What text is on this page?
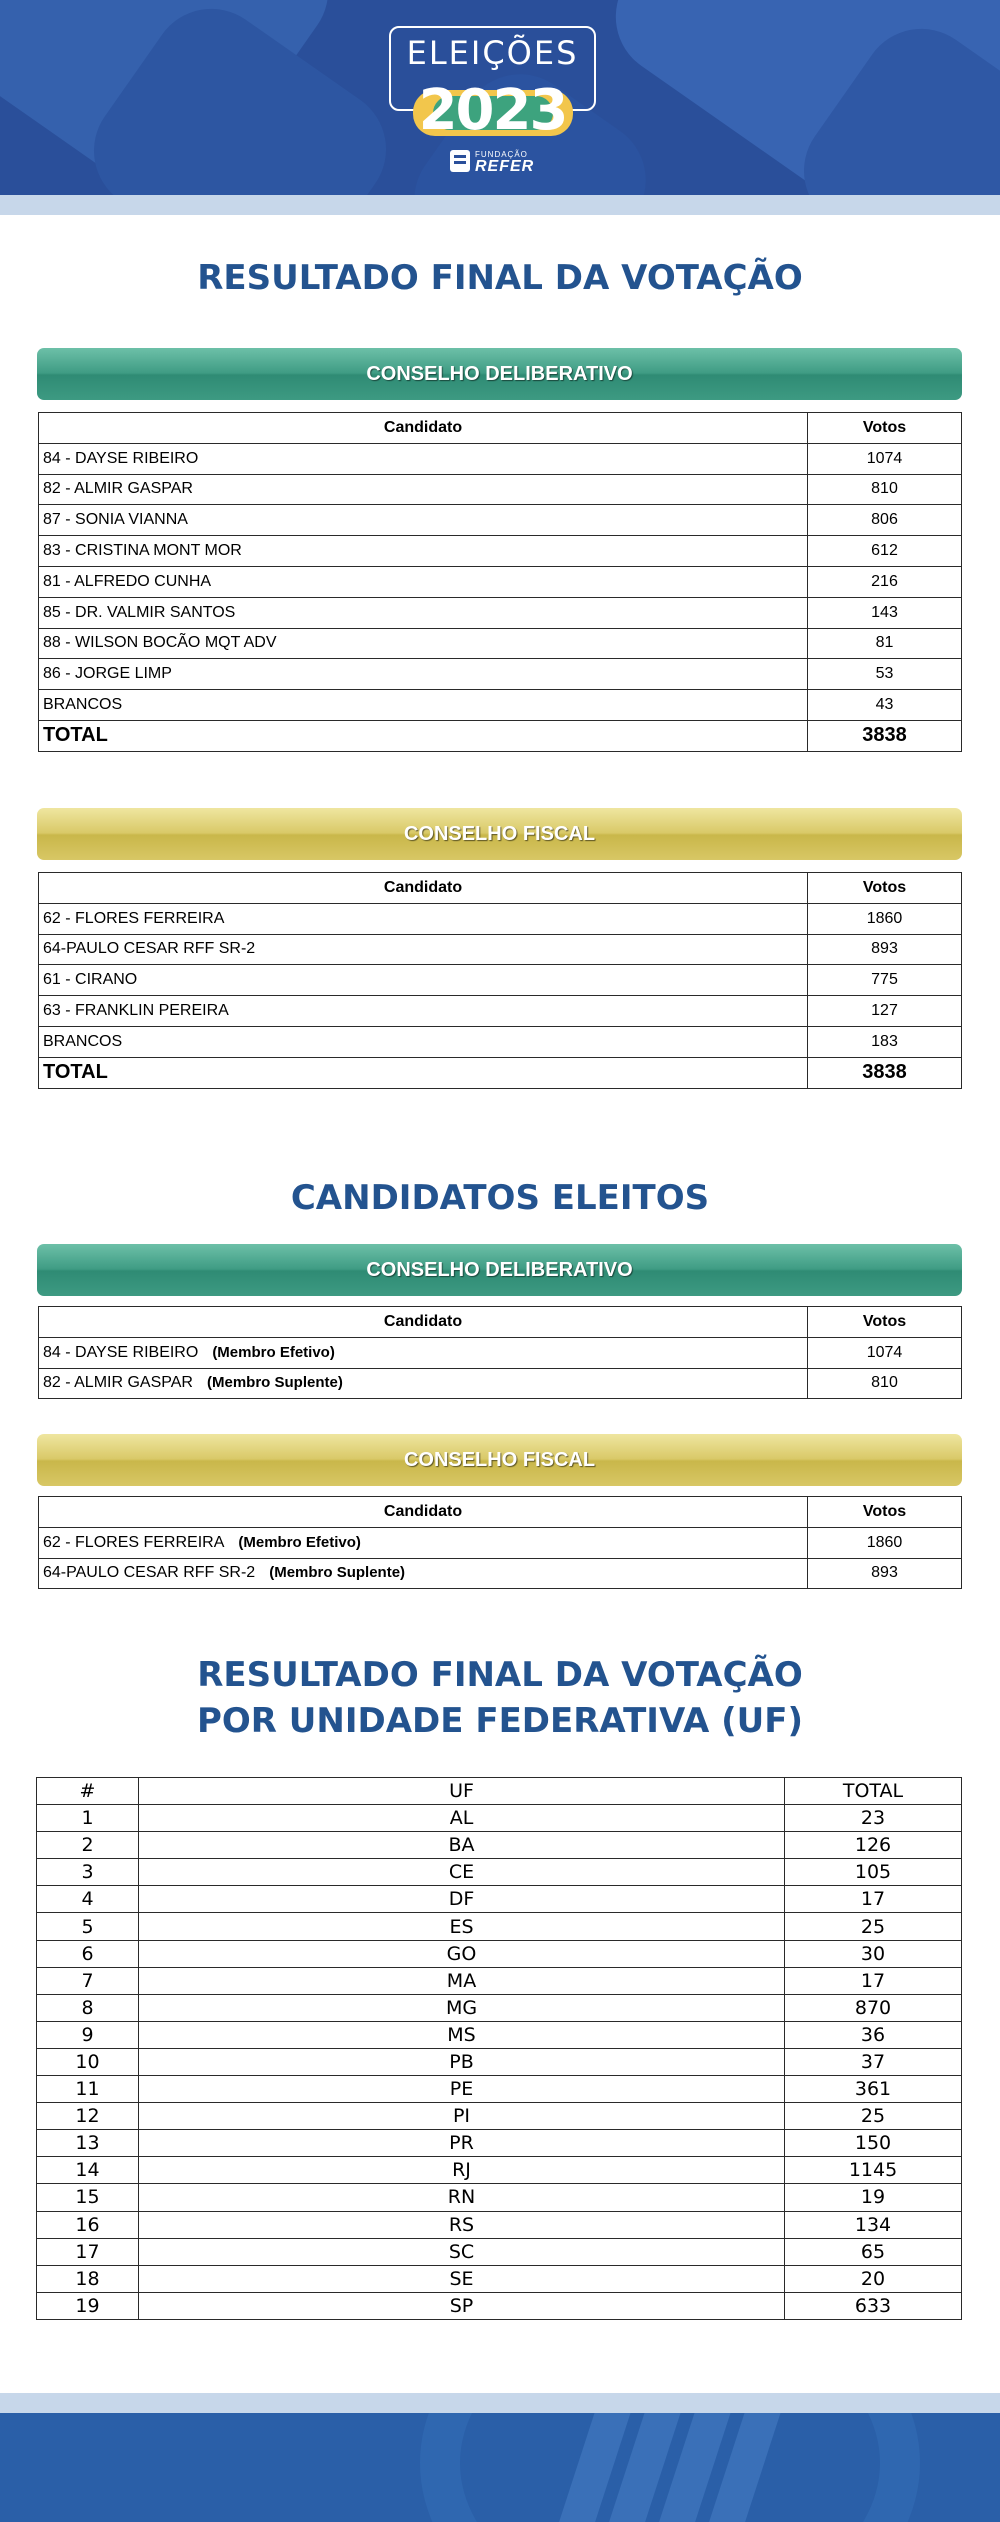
ELEIÇÕES
2023
FUNDAÇÃO
REFER
RESULTADO FINAL DA VOTAÇÃO
CONSELHO DELIBERATIVO
Candidato	Votos
84 - DAYSE RIBEIRO	1074
82 - ALMIR GASPAR	810
87 - SONIA VIANNA	806
83 - CRISTINA MONT MOR	612
81 - ALFREDO CUNHA	216
85 - DR. VALMIR SANTOS	143
88 - WILSON BOCÃO MQT ADV	81
86 - JORGE LIMP	53
BRANCOS	43
TOTAL	3838
CONSELHO FISCAL
Candidato	Votos
62 - FLORES FERREIRA	1860
64-PAULO CESAR RFF SR-2	893
61 - CIRANO	775
63 - FRANKLIN PEREIRA	127
BRANCOS	183
TOTAL	3838
CANDIDATOS ELEITOS
CONSELHO DELIBERATIVO
Candidato	Votos
84 - DAYSE RIBEIRO (Membro Efetivo)	1074
82 - ALMIR GASPAR (Membro Suplente)	810
CONSELHO FISCAL
Candidato	Votos
62 - FLORES FERREIRA (Membro Efetivo)	1860
64-PAULO CESAR RFF SR-2 (Membro Suplente)	893
RESULTADO FINAL DA VOTAÇÃO
POR UNIDADE FEDERATIVA (UF)
#	UF	TOTAL
1	AL	23
2	BA	126
3	CE	105
4	DF	17
5	ES	25
6	GO	30
7	MA	17
8	MG	870
9	MS	36
10	PB	37
11	PE	361
12	PI	25
13	PR	150
14	RJ	1145
15	RN	19
16	RS	134
17	SC	65
18	SE	20
19	SP	633
